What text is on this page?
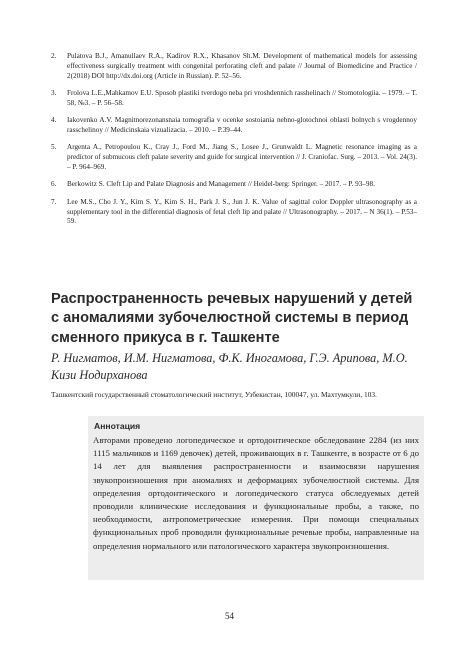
2.	Pulatova B.J., Amanullaev R.A., Kadirov R.X., Khasanov Sh.M. Development of mathematical models for assessing effectiveness surgically treatment with congenital perforating cleft and palate // Journal of Biomedicine and Practice / 2(2018) DOI http://dx.doi.org (Article in Russian). P. 52–56.
3.	Frolova L.E.,Mahkamov E.U. Sposob plastiki tverdogo neba pri vroshdennich rasshelinach // Stomotologiia. – 1979. – T. 58, №3. – P. 56–58.
4.	Iakovenko A.V. Magnitnorezonansnaia tomografia v ocenke sostoiania nebno-glotochnoi oblasti bolnych s vrogdennoy rasschelinoy // Medicinskaia vizualizacia. – 2010. – P.39–44.
5.	Argenta A., Petropoulou K., Cray J., Ford M., Jiang S., Losee J., Grunwaldt L. Magnetic resonance imaging as a predictor of submucous cleft palate severity and guide for surgical intervention // J. Craniofac. Surg. – 2013. – Vol. 24(3). – P. 964–969.
6.	Berkowitz S. Cleft Lip and Palate Diagnosis and Management // Heidel-berg: Springer. – 2017. – P. 93–98.
7.	Lee M.S., Cho J. Y., Kim S. Y., Kim S. H., Park J. S., Jun J. K. Value of sagittal color Doppler ultrasonography as a supplementary tool in the differential diagnosis of fetal cleft lip and palate // Ultrasonography. – 2017. – N 36(1). – P.53–59.
Распространенность речевых нарушений у детей с аномалиями зубочелюстной системы в период сменного прикуса в г. Ташкенте

Р. Нигматов, И.М. Нигматова, Ф.К. Иногамова, Г.Э. Арипова, М.О. Кизи Нодирханова

Ташкентский государственный стоматологический институт, Узбекистан, 100047, ул. Махтумкули, 103.

Аннотация

Авторами проведено логопедическое и ортодонтическое обследование 2284 (из них 1115 мальчиков и 1169 девочек) детей, проживающих в г. Ташкенте, в возрасте от 6 до 14 лет для выявления распространенности и взаимосвязи нарушения звукопроизношения при аномалиях и деформациях зубочелюстной системы. Для определения ортодонтического и логопедического статуса обследуемых детей проводили клинические исследования и функциональные пробы, а также, по необходимости, антропометрические измерения. При помощи специальных функциональных проб проводили функциональные речевые пробы, направленные на определения нормального или патологического характера звукопроизношения.

54
